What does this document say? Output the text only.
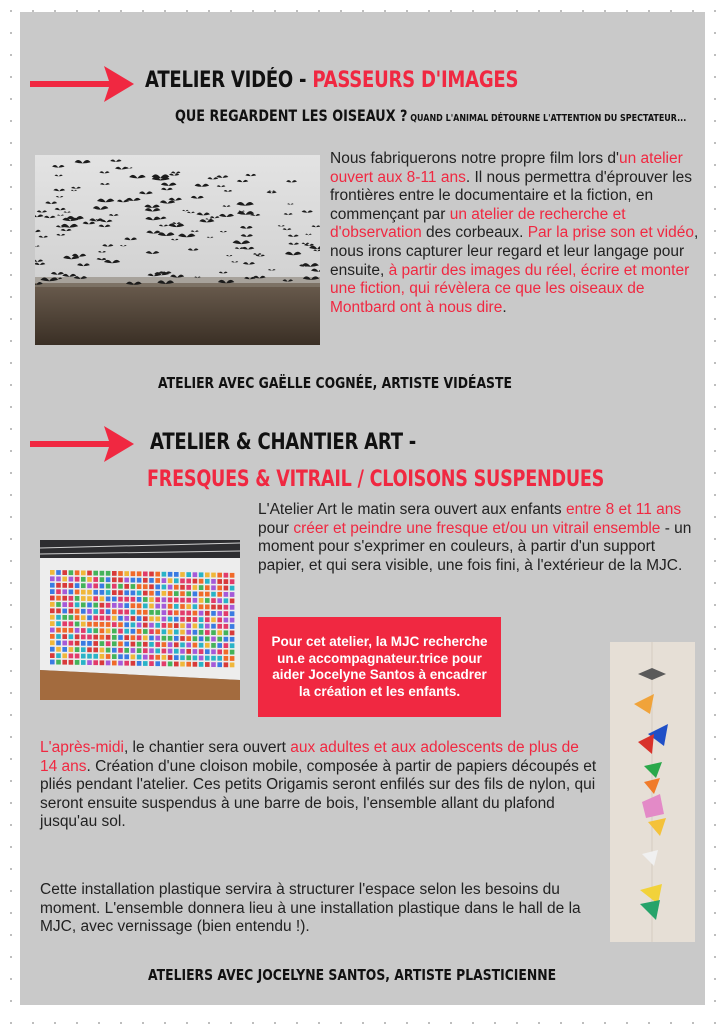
ATELIER VIDÉO - PASSEURS D'IMAGES
QUE REGARDENT LES OISEAUX ? QUAND L'ANIMAL DÉTOURNE L'ATTENTION DU SPECTATEUR...
Nous fabriquerons notre propre film lors d'un atelier ouvert aux 8-11 ans. Il nous permettra d'éprouver les frontières entre le documentaire et la fiction, en commençant par un atelier de recherche et d'observation des corbeaux. Par la prise son et vidéo, nous irons capturer leur regard et leur langage pour ensuite, à partir des images du réel, écrire et monter une fiction, qui révèlera ce que les oiseaux de Montbard ont à nous dire.
ATELIER AVEC GAËLLE COGNÉE, ARTISTE VIDÉASTE
ATELIER & CHANTIER ART -
FRESQUES & VITRAIL / CLOISONS SUSPENDUES
L'Atelier Art le matin sera ouvert aux enfants entre 8 et 11 ans pour créer et peindre une fresque et/ou un vitrail ensemble - un moment pour s'exprimer en couleurs, à partir d'un support papier, et qui sera visible, une fois fini, à l'extérieur de la MJC.
Pour cet atelier, la MJC recherche un.e accompagnateur.trice pour aider Jocelyne Santos à encadrer la création et les enfants.
L'après-midi, le chantier sera ouvert aux adultes et aux adolescents de plus de 14 ans. Création d'une cloison mobile, composée à partir de papiers découpés et pliés pendant l'atelier. Ces petits Origamis seront enfilés sur des fils de nylon, qui seront ensuite suspendus à une barre de bois, l'ensemble allant du plafond jusqu'au sol.
Cette installation plastique servira à structurer l'espace selon les besoins du moment. L'ensemble donnera lieu à une installation plastique dans le hall de la MJC, avec vernissage (bien entendu !).
ATELIERS AVEC JOCELYNE SANTOS, ARTISTE PLASTICIENNE
